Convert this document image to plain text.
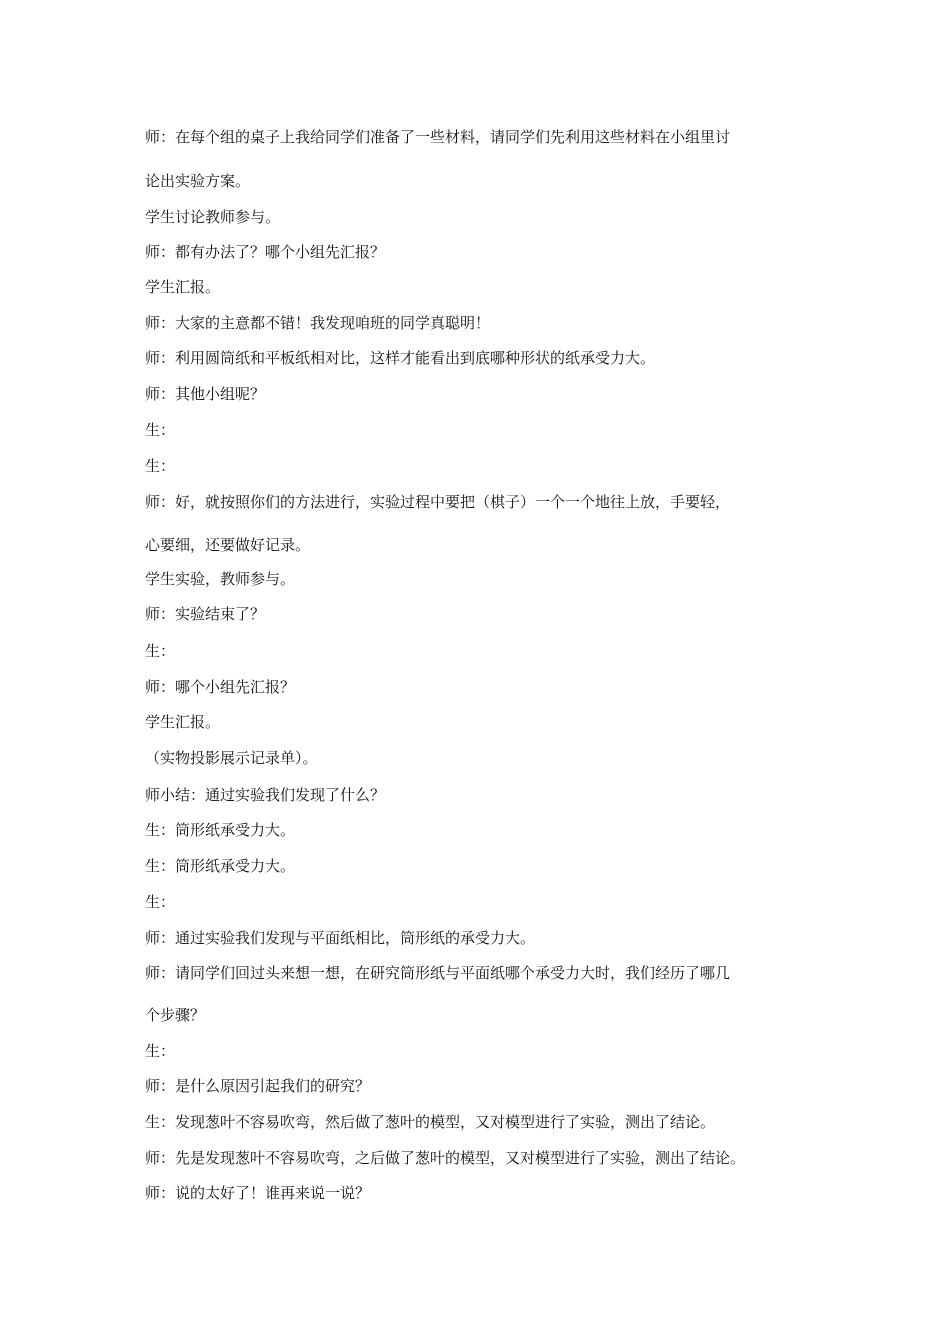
师：在每个组的桌子上我给同学们准备了一些材料，请同学们先利用这些材料在小组里讨
论出实验方案。
学生讨论教师参与。
师：都有办法了？哪个小组先汇报？
学生汇报。
师：大家的主意都不错！我发现咱班的同学真聪明！
师：利用圆筒纸和平板纸相对比，这样才能看出到底哪种形状的纸承受力大。
师：其他小组呢？
生：
生：
师：好，就按照你们的方法进行，实验过程中要把（棋子）一个一个地往上放，手要轻，
心要细，还要做好记录。
学生实验，教师参与。
师：实验结束了？
生：
师：哪个小组先汇报？
学生汇报。
（实物投影展示记录单）。
师小结：通过实验我们发现了什么？
生：筒形纸承受力大。
生：筒形纸承受力大。
生：
师：通过实验我们发现与平面纸相比，筒形纸的承受力大。
师：请同学们回过头来想一想，在研究筒形纸与平面纸哪个承受力大时，我们经历了哪几
个步骤？
生：
师：是什么原因引起我们的研究？
生：发现葱叶不容易吹弯，然后做了葱叶的模型，又对模型进行了实验，测出了结论。
师：先是发现葱叶不容易吹弯，之后做了葱叶的模型，又对模型进行了实验，测出了结论。
师：说的太好了！谁再来说一说？
